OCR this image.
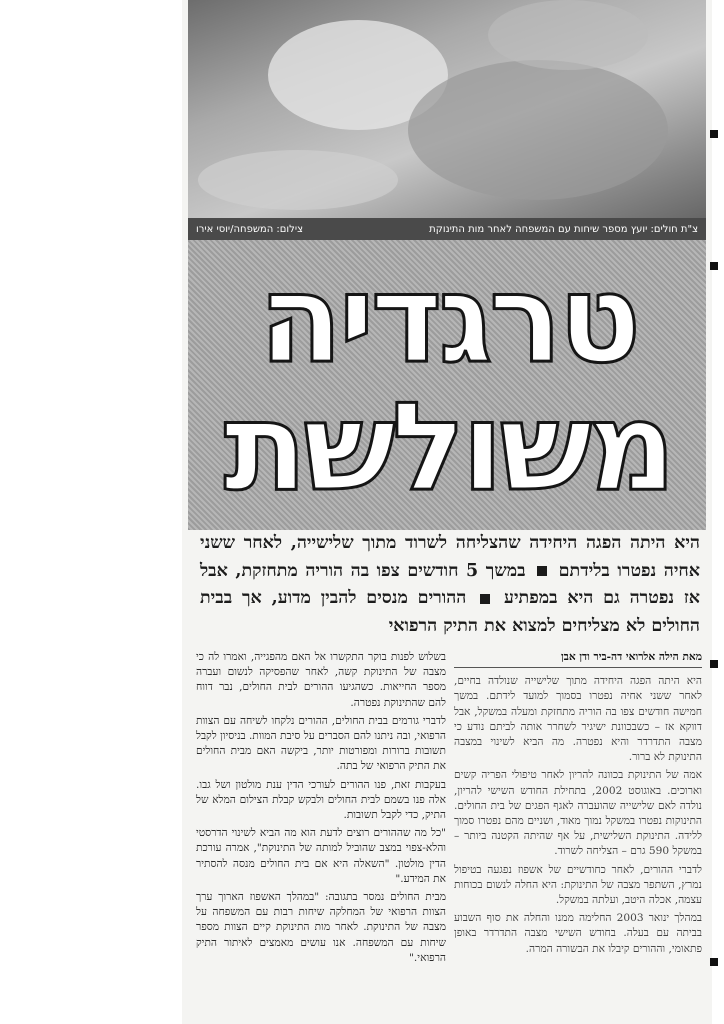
צ"ת חולים: יועץ מספר שיחות עם המשפחה לאחר מות התינוקת
צילום: המשפחה/יוסי אירו
טרגדיה
משולשת

היא היתה הפגה היחידה שהצליחה לשרוד מתוך שלישייה, לאחר ששני אחיה נפטרו בלידתם  במשך 5 חודשים צפו בה הוריה מתחזקת, אבל אז נפטרה גם היא במפתיע  ההורים מנסים להבין מדוע, אך בבית החולים לא מצליחים למצוא את התיק הרפואי

מאת הילה אלרואי דה-ביר ודן אבן

היא היתה הפגה היחידה מתוך שלישייה שנולדה בחיים, לאחר ששני אחיה נפטרו בסמוך למועד לידתם. במשך חמישה חודשים צפו בה הוריה מתחזקת ומעלה במשקל, אבל דווקא אז – כשבכוונת ישיגיר לשחרר אותה לביתם נודע כי מצבה התדרדר והיא נפטרה. מה הביא לשינוי במצבה התינוקת לא ברור.

אמה של התינוקת בכוונה להריון לאחר טיפולי הפריה קשים וארוכים. באוגוסט 2002, בתחילת החודש השישי להריון, נולדה לאם שלישייה שהועברה לאגף הפגים של בית החולים. התינוקות נפטרו במשקל נמוך מאוד, ושניים מהם נפטרו סמוך ללידה. התינוקת השלישית, על אף שהיתה הקטנה ביותר – במשקל 590 גרם – הצליחה לשרוד.

לדברי ההורים, לאחר כחודשיים של אשפוז נפגעה בטיפול נמרץ, השתפר מצבה של התינוקת: היא החלה לנשום בכוחות עצמה, אכלה היטב, ועלתה במשקל.

במהלך ינואר 2003 החלימה ממנו והחלה את סוף השבוע בביתה עם בעלה. בחודש השישי מצבה התדרדר באופן פתאומי, וההורים קיבלו את הבשורה המרה.

בשלוש לפנות בוקר התקשרו אל האם מהפגייה, ואמרו לה כי מצבה של התינוקת קשה, לאחר שהפסיקה לנשום ועברה מספר החייאות. כשהגיעו ההורים לבית החולים, נבר דווח להם שהתינוקת נפטרה.

לדברי גורמים בבית החולים, ההורים נלקחו לשיחה עם הצוות הרפואי, ובה ניתנו להם הסברים על סיבת המוות. בניסיון לקבל תשובות ברורות ומפורטות יותר, ביקשה האם מבית החולים את התיק הרפואי של בתה.

בעקבות זאת, פנו ההורים לעורכי הדין ענת מולטון ושל גבו. אלה פנו בשמם לבית החולים ולבקש קבלת הצילום המלא של התיק, כדי לקבל תשובות.

"כל מה שההורים רוצים לדעת הוא מה הביא לשינוי הדרסטי והלא-צפוי במצב שהוביל למותה של התינוקת", אמרה עורכת הדין מולטון. "השאלה היא אם בית החולים מנסה להסתיר את המידע."

מבית החולים נמסר בתגובה: "במהלך האשפוז הארוך ערך הצוות הרפואי של המחלקה שיחות רבות עם המשפחה על מצבה של התינוקת. לאחר מות התינוקת קיים הצוות מספר שיחות עם המשפחה. אנו עושים מאמצים לאיתור התיק הרפואי."
